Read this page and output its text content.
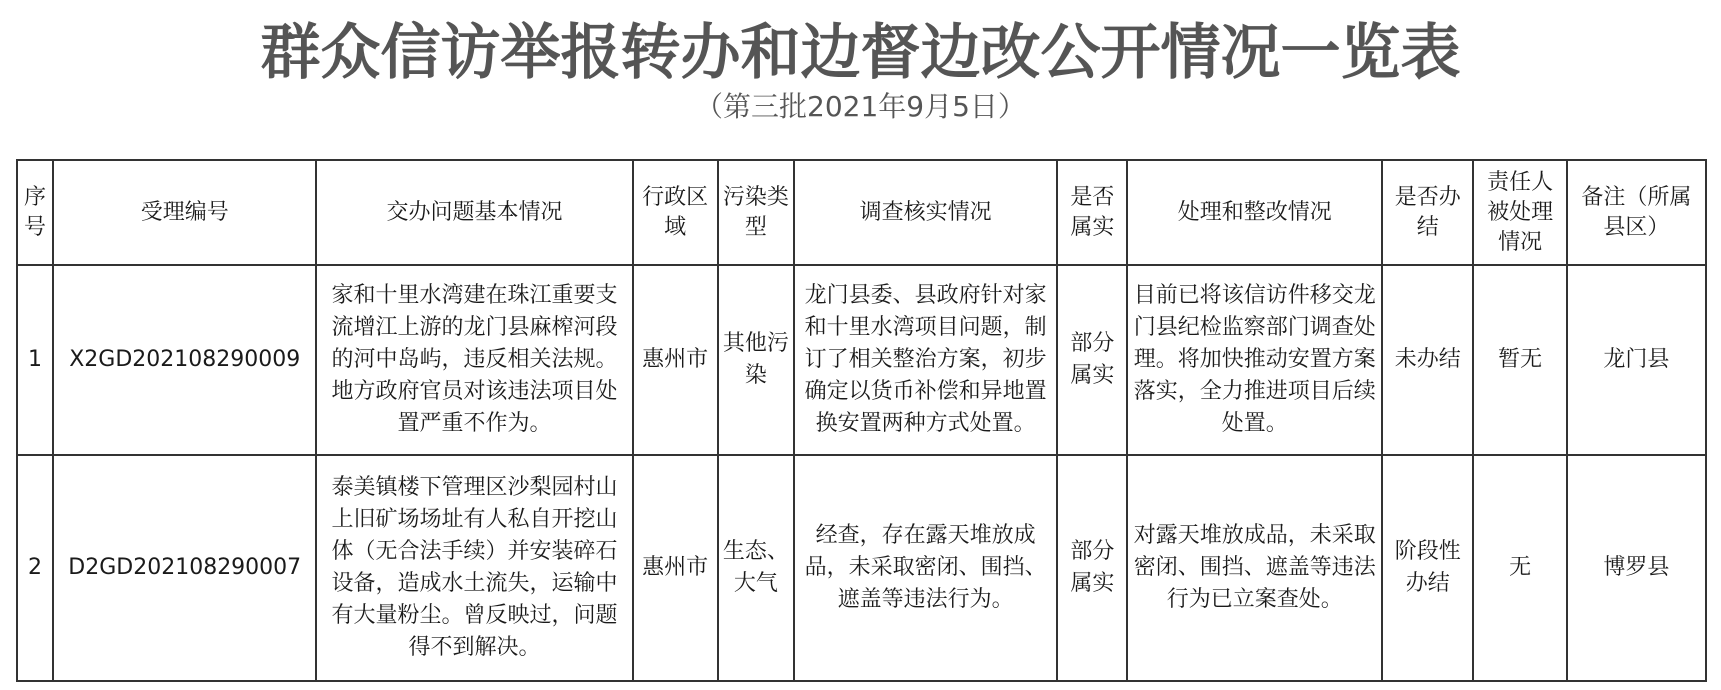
群众信访举报转办和边督边改公开情况一览表
（第三批2021年9月5日）
序号	受理编号	交办问题基本情况	行政区域	污染类型	调查核实情况	是否属实	处理和整改情况	是否办结	责任人被处理情况	备注（所属县区）
1	X2GD202108290009	家和十里水湾建在珠江重要支流增江上游的龙门县麻榨河段的河中岛屿，违反相关法规。地方政府官员对该违法项目处置严重不作为。	惠州市	其他污染	龙门县委、县政府针对家和十里水湾项目问题，制订了相关整治方案，初步确定以货币补偿和异地置换安置两种方式处置。	部分属实	目前已将该信访件移交龙门县纪检监察部门调查处理。将加快推动安置方案落实，全力推进项目后续处置。	未办结	暂无	龙门县
2	D2GD202108290007	泰美镇楼下管理区沙梨园村山上旧矿场场址有人私自开挖山体（无合法手续）并安装碎石设备，造成水土流失，运输中有大量粉尘。曾反映过，问题得不到解决。	惠州市	生态、大气	经查，存在露天堆放成品，未采取密闭、围挡、遮盖等违法行为。	部分属实	对露天堆放成品，未采取密闭、围挡、遮盖等违法行为已立案查处。	阶段性办结	无	博罗县
